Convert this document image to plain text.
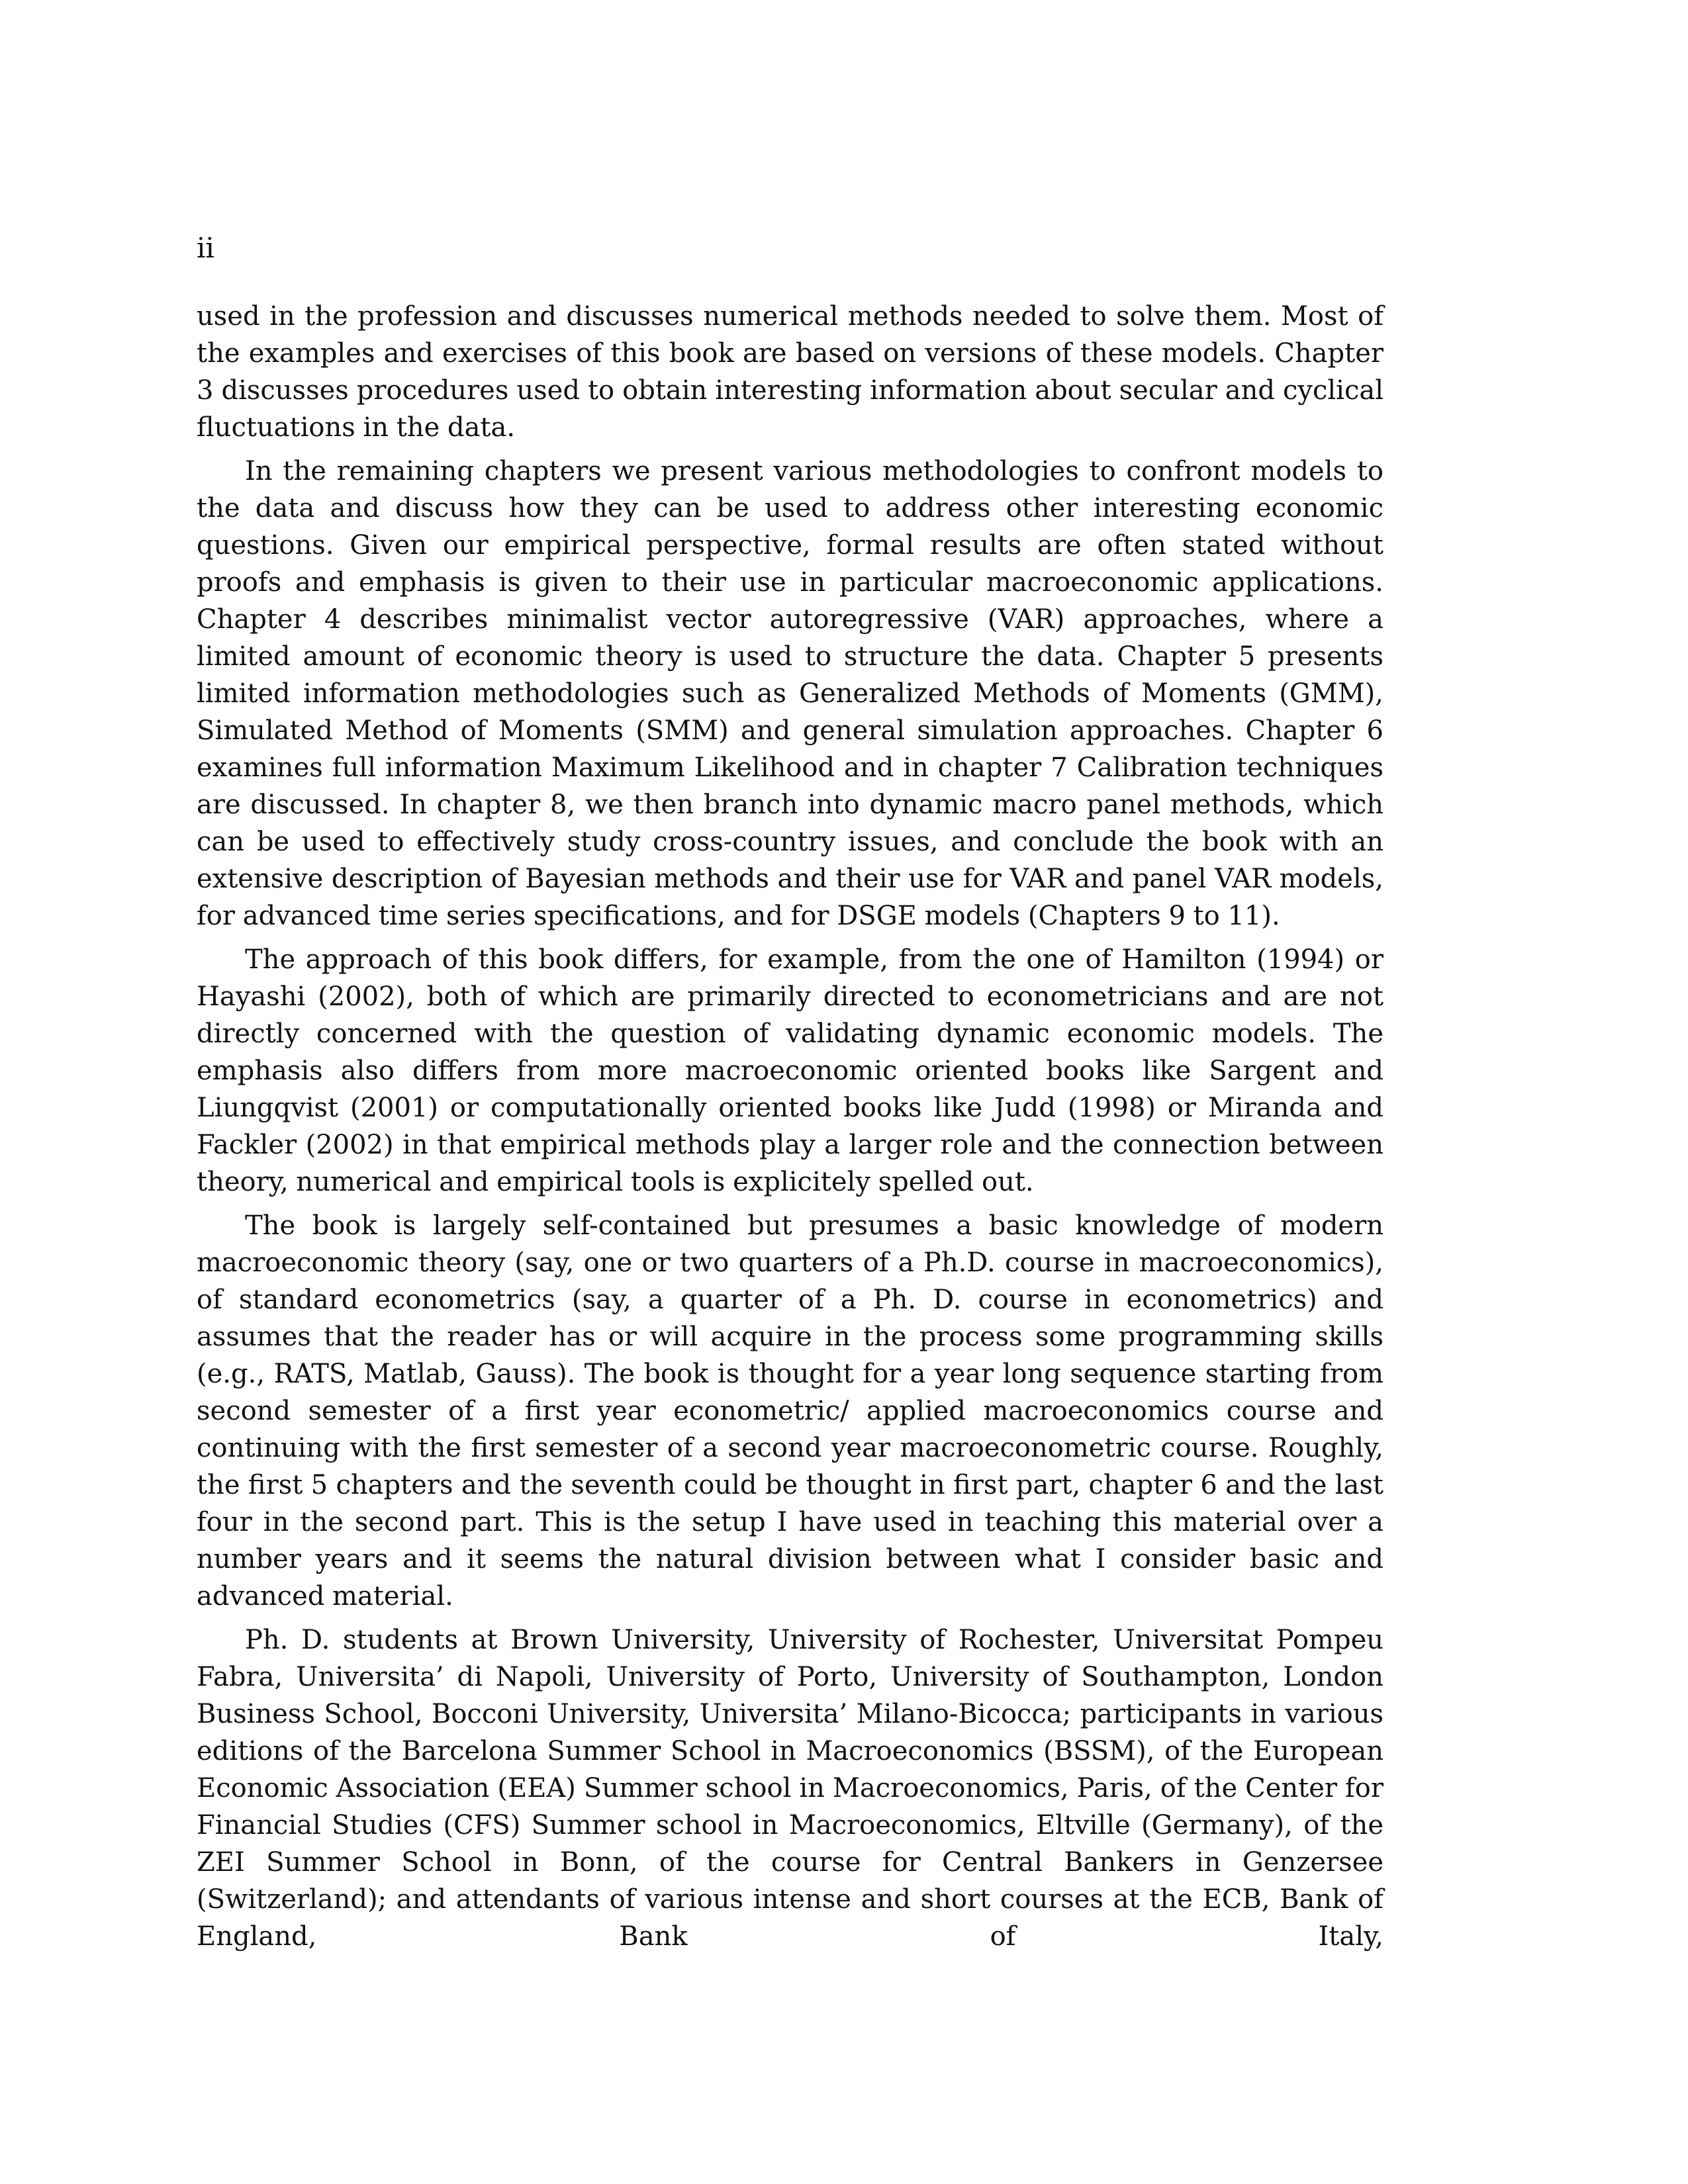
ii

used in the profession and discusses numerical methods needed to solve them. Most of the examples and exercises of this book are based on versions of these models. Chapter 3 discusses procedures used to obtain interesting information about secular and cyclical fluctuations in the data.

In the remaining chapters we present various methodologies to confront models to the data and discuss how they can be used to address other interesting economic questions. Given our empirical perspective, formal results are often stated without proofs and emphasis is given to their use in particular macroeconomic applications. Chapter 4 describes minimalist vector autoregressive (VAR) approaches, where a limited amount of economic theory is used to structure the data. Chapter 5 presents limited information methodologies such as Generalized Methods of Moments (GMM), Simulated Method of Moments (SMM) and general simulation approaches. Chapter 6 examines full information Maximum Likelihood and in chapter 7 Calibration techniques are discussed. In chapter 8, we then branch into dynamic macro panel methods, which can be used to effectively study cross-country issues, and conclude the book with an extensive description of Bayesian methods and their use for VAR and panel VAR models, for advanced time series specifications, and for DSGE models (Chapters 9 to 11).

The approach of this book differs, for example, from the one of Hamilton (1994) or Hayashi (2002), both of which are primarily directed to econometricians and are not directly concerned with the question of validating dynamic economic models. The emphasis also differs from more macroeconomic oriented books like Sargent and Liungqvist (2001) or computationally oriented books like Judd (1998) or Miranda and Fackler (2002) in that empirical methods play a larger role and the connection between theory, numerical and empirical tools is explicitely spelled out.

The book is largely self-contained but presumes a basic knowledge of modern macroeconomic theory (say, one or two quarters of a Ph.D. course in macroeconomics), of standard econometrics (say, a quarter of a Ph. D. course in econometrics) and assumes that the reader has or will acquire in the process some programming skills (e.g., RATS, Matlab, Gauss). The book is thought for a year long sequence starting from second semester of a first year econometric/ applied macroeconomics course and continuing with the first semester of a second year macroeconometric course. Roughly, the first 5 chapters and the seventh could be thought in first part, chapter 6 and the last four in the second part. This is the setup I have used in teaching this material over a number years and it seems the natural division between what I consider basic and advanced material.

Ph. D. students at Brown University, University of Rochester, Universitat Pompeu Fabra, Universita’ di Napoli, University of Porto, University of Southampton, London Business School, Bocconi University, Universita’ Milano-Bicocca; participants in various editions of the Barcelona Summer School in Macroeconomics (BSSM), of the European Economic Association (EEA) Summer school in Macroeconomics, Paris, of the Center for Financial Studies (CFS) Summer school in Macroeconomics, Eltville (Germany), of the ZEI Summer School in Bonn, of the course for Central Bankers in Genzersee (Switzerland); and attendants of various intense and short courses at the ECB, Bank of England, Bank of Italy,
